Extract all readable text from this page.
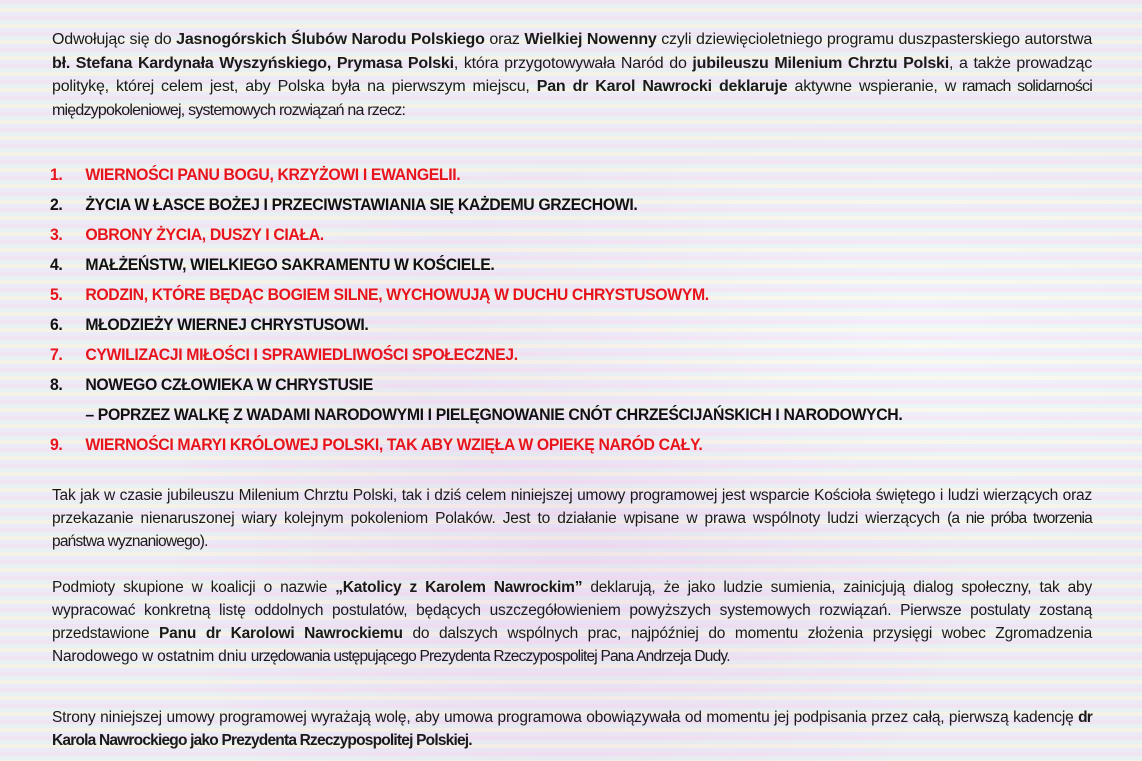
Odwołując się do Jasnogórskich Ślubów Narodu Polskiego oraz Wielkiej Nowenny czyli dziewięcioletniego programu duszpasterskiego autorstwa bł. Stefana Kardynała Wyszyńskiego, Prymasa Polski, która przygotowywała Naród do jubileuszu Milenium Chrztu Polski, a także prowadząc politykę, której celem jest, aby Polska była na pierwszym miejscu, Pan dr Karol Nawrocki deklaruje aktywne wspieranie, w ramach solidarności międzypokoleniowej, systemowych rozwiązań na rzecz:

1.	WIERNOŚCI PANU BOGU, KRZYŻOWI I EWANGELII.
2.	ŻYCIA W ŁASCE BOŻEJ I PRZECIWSTAWIANIA SIĘ KAŻDEMU GRZECHOWI.
3.	OBRONY ŻYCIA, DUSZY I CIAŁA.
4.	MAŁŻEŃSTW, WIELKIEGO SAKRAMENTU W KOŚCIELE.
5.	RODZIN, KTÓRE BĘDĄC BOGIEM SILNE, WYCHOWUJĄ W DUCHU CHRYSTUSOWYM.
6.	MŁODZIEŻY WIERNEJ CHRYSTUSOWI.
7.	CYWILIZACJI MIŁOŚCI I SPRAWIEDLIWOŚCI SPOŁECZNEJ.
8.	NOWEGO CZŁOWIEKA W CHRYSTUSIE
– POPRZEZ WALKĘ Z WADAMI NARODOWYMI I PIELĘGNOWANIE CNÓT CHRZEŚCIJAŃSKICH I NARODOWYCH.
9.	WIERNOŚCI MARYI KRÓLOWEJ POLSKI, TAK ABY WZIĘŁA W OPIEKĘ NARÓD CAŁY.

Tak jak w czasie jubileuszu Milenium Chrztu Polski, tak i dziś celem niniejszej umowy programowej jest wsparcie Kościoła świętego i ludzi wierzących oraz przekazanie nienaruszonej wiary kolejnym pokoleniom Polaków. Jest to działanie wpisane w prawa wspólnoty ludzi wierzących (a nie próba tworzenia państwa wyznaniowego).

Podmioty skupione w koalicji o nazwie „Katolicy z Karolem Nawrockim” deklarują, że jako ludzie sumienia, zainicjują dialog społeczny, tak aby wypracować konkretną listę oddolnych postulatów, będących uszczegółowieniem powyższych systemowych rozwiązań. Pierwsze postulaty zostaną przedstawione Panu dr Karolowi Nawrockiemu do dalszych wspólnych prac, najpóźniej do momentu złożenia przysięgi wobec Zgromadzenia Narodowego w ostatnim dniu urzędowania ustępującego Prezydenta Rzeczypospolitej Pana Andrzeja Dudy.

Strony niniejszej umowy programowej wyrażają wolę, aby umowa programowa obowiązywała od momentu jej podpisania przez całą, pierwszą kadencję dr Karola Nawrockiego jako Prezydenta Rzeczypospolitej Polskiej.
